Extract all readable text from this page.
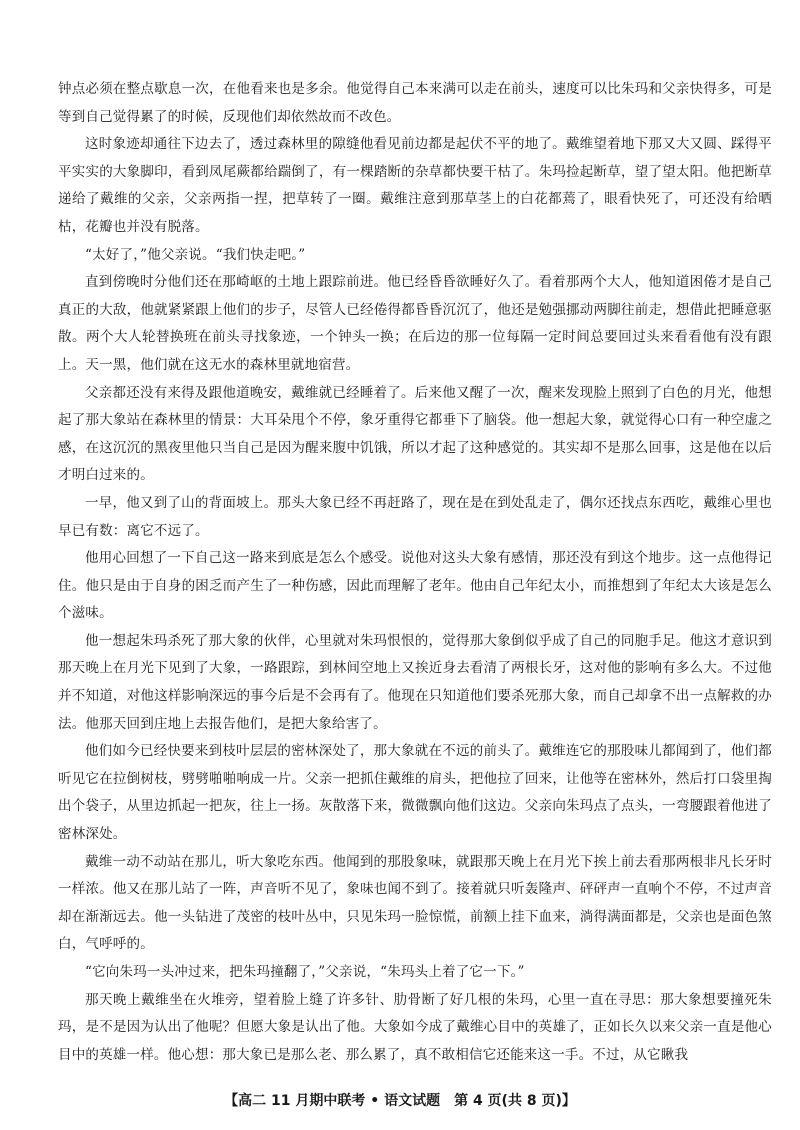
钟点必须在整点歇息一次，在他看来也是多余。他觉得自己本来满可以走在前头，速度可以比朱玛和父亲快得多，可是等到自己觉得累了的时候，反现他们却依然故而不改色。

这时象迹却通往下边去了，透过森林里的隙缝他看见前边都是起伏不平的地了。戴维望着地下那又大又圆、踩得平平实实的大象脚印，看到凤尾蕨都给踹倒了，有一棵踏断的杂草都快要干枯了。朱玛捡起断草，望了望太阳。他把断草递给了戴维的父亲，父亲两指一捏，把草转了一圈。戴维注意到那草茎上的白花都蔫了，眼看快死了，可还没有给晒枯，花瓣也并没有脱落。

“太好了，”他父亲说。“我们快走吧。”

直到傍晚时分他们还在那崎岖的土地上跟踪前进。他已经昏昏欲睡好久了。看着那两个大人，他知道困倦才是自己真正的大敌，他就紧紧跟上他们的步子，尽管人已经倦得都昏昏沉沉了，他还是勉强挪动两脚往前走，想借此把睡意驱散。两个大人轮替换班在前头寻找象迹，一个钟头一换；在后边的那一位每隔一定时间总要回过头来看看他有没有跟上。天一黑，他们就在这无水的森林里就地宿营。

父亲都还没有来得及跟他道晚安，戴维就已经睡着了。后来他又醒了一次，醒来发现脸上照到了白色的月光，他想起了那大象站在森林里的情景：大耳朵甩个不停，象牙重得它都垂下了脑袋。他一想起大象，就觉得心口有一种空虚之感，在这沉沉的黑夜里他只当自己是因为醒来腹中饥饿，所以才起了这种感觉的。其实却不是那么回事，这是他在以后才明白过来的。

一早，他又到了山的背面坡上。那头大象已经不再赶路了，现在是在到处乱走了，偶尔还找点东西吃，戴维心里也早已有数：离它不远了。

他用心回想了一下自己这一路来到底是怎么个感受。说他对这头大象有感情，那还没有到这个地步。这一点他得记住。他只是由于自身的困乏而产生了一种伤感，因此而理解了老年。他由自己年纪太小，而推想到了年纪太大该是怎么个滋味。

他一想起朱玛杀死了那大象的伙伴，心里就对朱玛恨恨的，觉得那大象倒似乎成了自己的同胞手足。他这才意识到那天晚上在月光下见到了大象，一路跟踪，到林间空地上又挨近身去看清了两根长牙，这对他的影响有多么大。不过他并不知道，对他这样影响深远的事今后是不会再有了。他现在只知道他们要杀死那大象，而自己却拿不出一点解救的办法。他那天回到庄地上去报告他们，是把大象给害了。

他们如今已经快要来到枝叶层层的密林深处了，那大象就在不远的前头了。戴维连它的那股味儿都闻到了，他们都听见它在拉倒树枝，劈劈啪啪响成一片。父亲一把抓住戴维的肩头，把他拉了回来，让他等在密林外，然后打口袋里掏出个袋子，从里边抓起一把灰，往上一扬。灰散落下来，微微飘向他们这边。父亲向朱玛点了点头，一弯腰跟着他进了密林深处。

戴维一动不动站在那儿，听大象吃东西。他闻到的那股象味，就跟那天晚上在月光下挨上前去看那两根非凡长牙时一样浓。他又在那儿站了一阵，声音听不见了，象味也闻不到了。接着就只听轰隆声、砰砰声一直响个不停，不过声音却在渐渐远去。他一头钻进了茂密的枝叶丛中，只见朱玛一脸惊慌，前额上挂下血来，淌得满面都是，父亲也是面色煞白，气呼呼的。

“它向朱玛一头冲过来，把朱玛撞翻了，”父亲说，“朱玛头上着了它一下。”

那天晚上戴维坐在火堆旁，望着脸上缝了许多针、肋骨断了好几根的朱玛，心里一直在寻思：那大象想要撞死朱玛，是不是因为认出了他呢？但愿大象是认出了他。大象如今成了戴维心目中的英雄了，正如长久以来父亲一直是他心目中的英雄一样。他心想：那大象已是那么老、那么累了，真不敢相信它还能来这一手。不过，从它瞅我

【高二 11 月期中联考 • 语文试题　第 4 页(共 8 页)】
